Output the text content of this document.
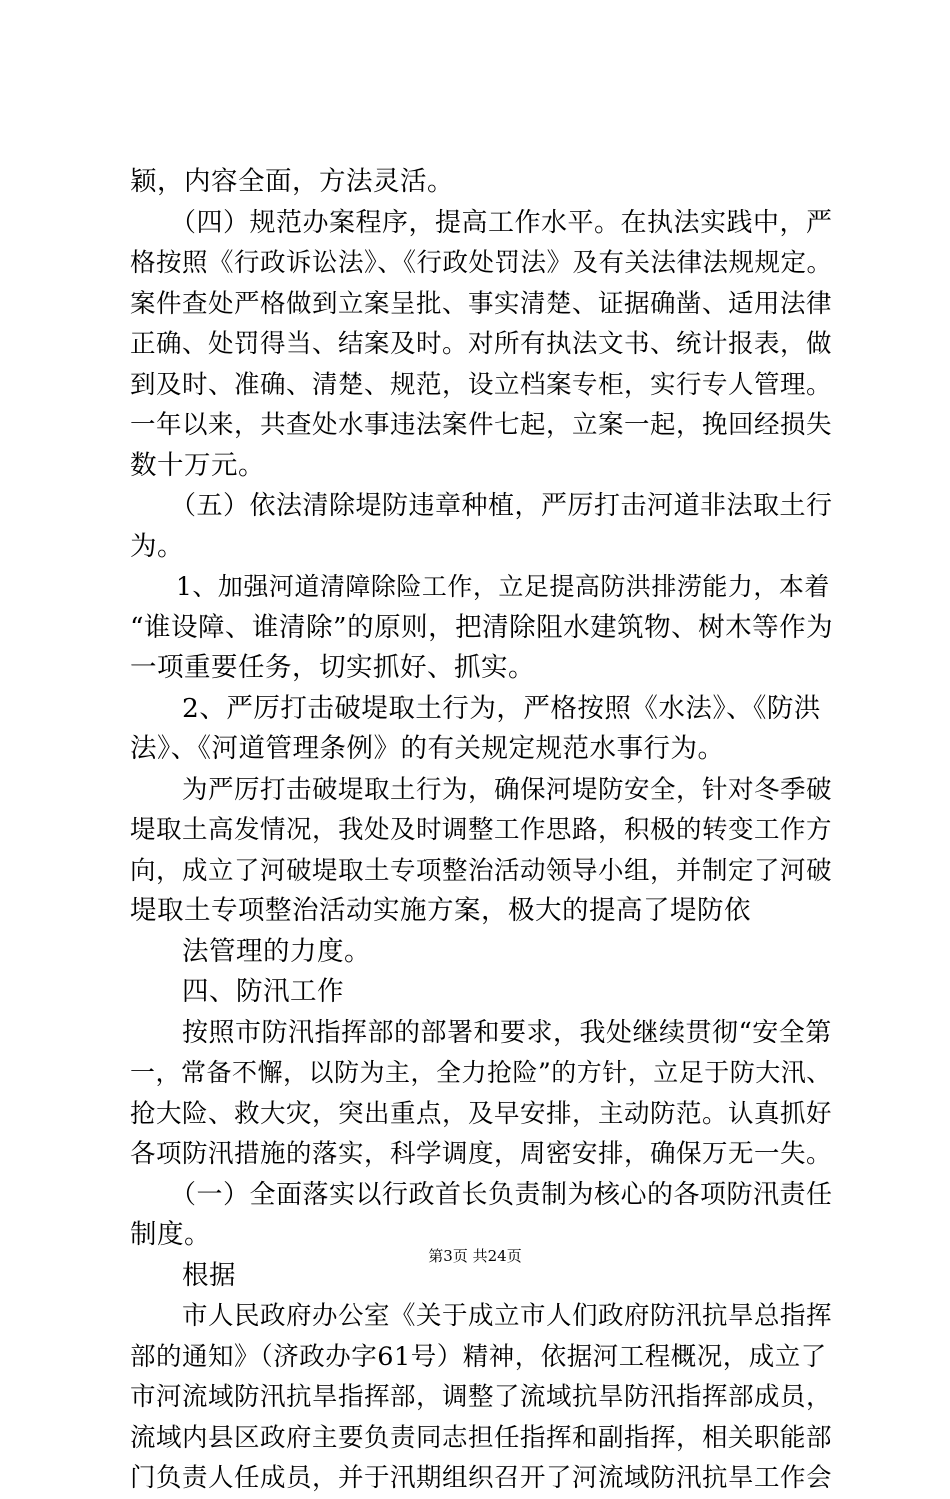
颖，内容全面，方法灵活。
（四）规范办案程序，提高工作水平。在执法实践中，严
格按照《行政诉讼法》、《行政处罚法》及有关法律法规规定。
案件查处严格做到立案呈批、事实清楚、证据确凿、适用法律
正确、处罚得当、结案及时。对所有执法文书、统计报表，做
到及时、准确、清楚、规范，设立档案专柜，实行专人管理。
一年以来，共查处水事违法案件七起，立案一起，挽回经损失
数十万元。
（五）依法清除堤防违章种植，严厉打击河道非法取土行
为。
1、加强河道清障除险工作，立足提高防洪排涝能力，本着
“谁设障、谁清除”的原则，把清除阻水建筑物、树木等作为
一项重要任务，切实抓好、抓实。
2、严厉打击破堤取土行为，严格按照《水法》、《防洪
法》、《河道管理条例》的有关规定规范水事行为。
为严厉打击破堤取土行为，确保河堤防安全，针对冬季破
堤取土高发情况，我处及时调整工作思路，积极的转变工作方
向，成立了河破堤取土专项整治活动领导小组，并制定了河破
堤取土专项整治活动实施方案，极大的提高了堤防依
法管理的力度。
四、防汛工作
按照市防汛指挥部的部署和要求，我处继续贯彻“安全第
一，常备不懈，以防为主，全力抢险”的方针，立足于防大汛、
抢大险、救大灾，突出重点，及早安排，主动防范。认真抓好
各项防汛措施的落实，科学调度，周密安排，确保万无一失。
（一）全面落实以行政首长负责制为核心的各项防汛责任
制度。
根据
市人民政府办公室《关于成立市人们政府防汛抗旱总指挥
部的通知》（济政办字61号）精神，依据河工程概况，成立了
市河流域防汛抗旱指挥部，调整了流域抗旱防汛指挥部成员，
流域内县区政府主要负责同志担任指挥和副指挥，相关职能部
门负责人任成员，并于汛期组织召开了河流域防汛抗旱工作会
第3页 共24页
